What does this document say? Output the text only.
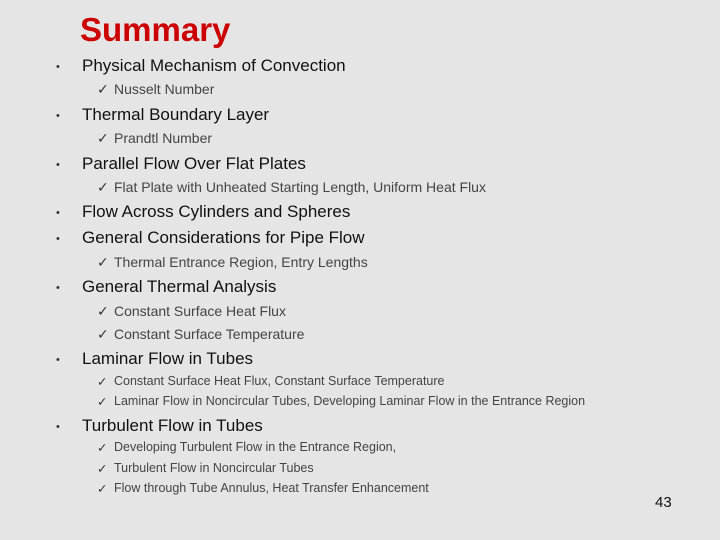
Summary
• Physical Mechanism of Convection
✓ Nusselt Number
• Thermal Boundary Layer
✓ Prandtl Number
• Parallel Flow Over Flat Plates
✓ Flat Plate with Unheated Starting Length, Uniform Heat Flux
• Flow Across Cylinders and Spheres
• General Considerations for Pipe Flow
✓ Thermal Entrance Region, Entry Lengths
• General Thermal Analysis
✓ Constant Surface Heat Flux
✓ Constant Surface Temperature
• Laminar Flow in Tubes
✓ Constant Surface Heat Flux, Constant Surface Temperature
✓ Laminar Flow in Noncircular Tubes, Developing Laminar Flow in the Entrance Region
• Turbulent Flow in Tubes
✓ Developing Turbulent Flow in the Entrance Region,
✓ Turbulent Flow in Noncircular Tubes
✓ Flow through Tube Annulus, Heat Transfer Enhancement
43
